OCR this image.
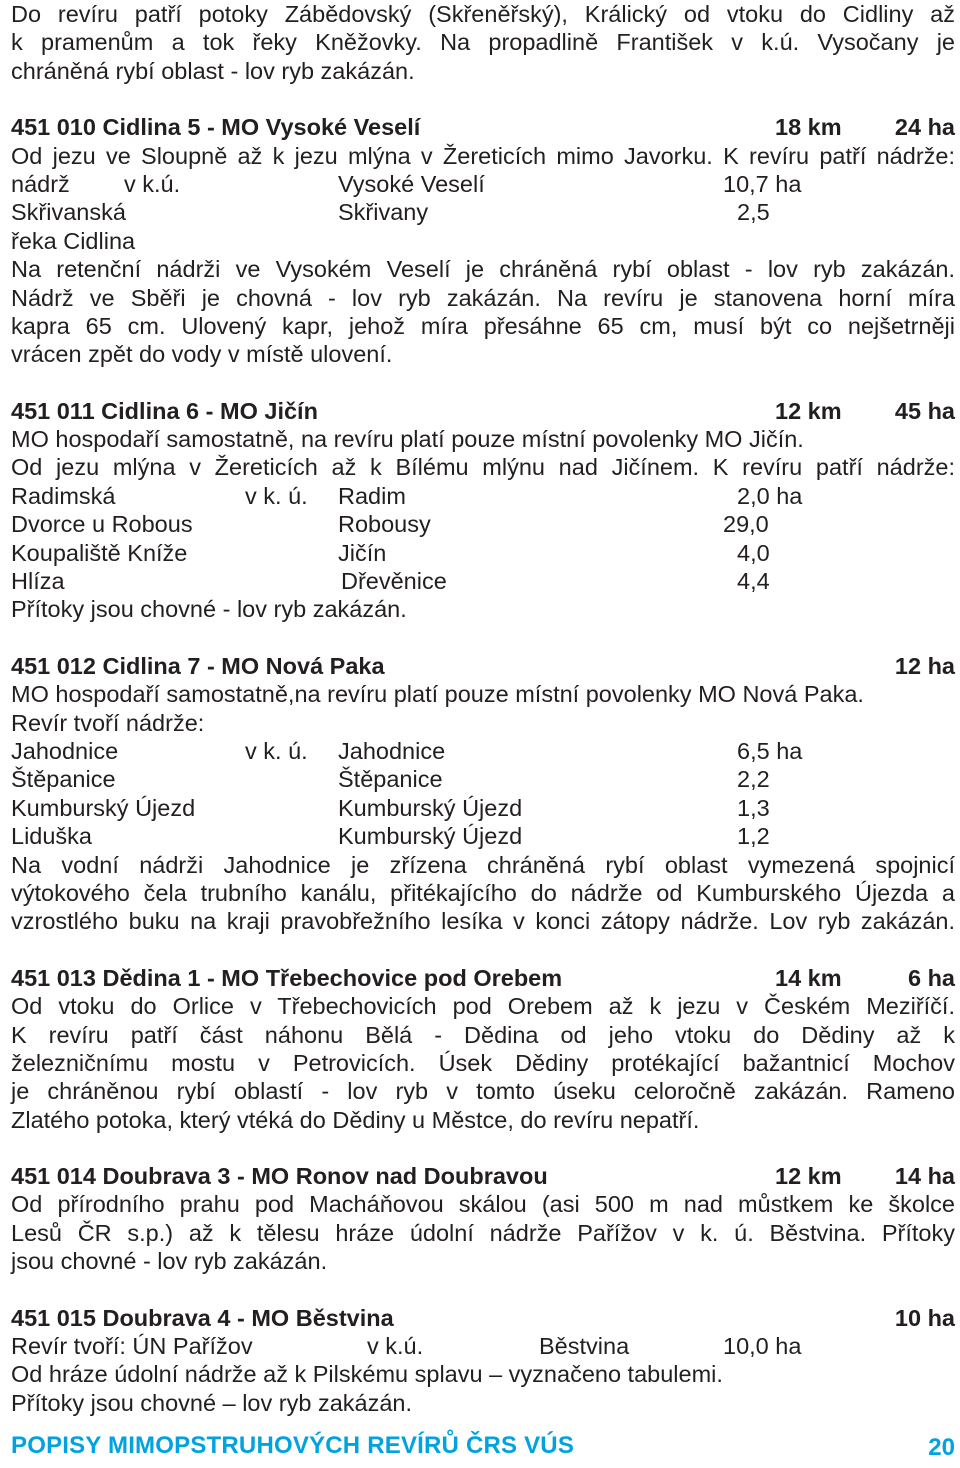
Do revíru patří potoky Zábědovský (Skřeněřský), Králický od vtoku do Cidliny až
k pramenům a tok řeky Kněžovky. Na propadlině František v k.ú. Vysočany je
chráněná rybí oblast - lov ryb zakázán.
451 010 Cidlina 5 - MO Vysoké Veselí	18 km 24 ha
Od jezu ve Sloupně až k jezu mlýna v Žereticích mimo Javorku. K revíru patří nádrže:
nádrž v k.ú.	Vysoké Veselí	10,7 ha
Skřivanská	Skřivany	2,5
řeka Cidlina
Na retenční nádrži ve Vysokém Veselí je chráněná rybí oblast - lov ryb zakázán.
Nádrž ve Sběři je chovná - lov ryb zakázán. Na revíru je stanovena horní míra
kapra 65 cm. Ulovený kapr, jehož míra přesáhne 65 cm, musí být co nejšetrněji
vrácen zpět do vody v místě ulovení.
451 011 Cidlina 6 - MO Jičín	12 km 45 ha
MO hospodaří samostatně, na revíru platí pouze místní povolenky MO Jičín.
Od jezu mlýna v Žereticích až k Bílému mlýnu nad Jičínem. K revíru patří nádrže:
Radimská	v k. ú. Radim	2,0 ha
Dvorce u Robous	Robousy	29,0
Koupaliště Kníže	Jičín	4,0
Hlíza	Dřevěnice	4,4
Přítoky jsou chovné - lov ryb zakázán.
451 012 Cidlina 7 - MO Nová Paka	12 ha
MO hospodaří samostatně,na revíru platí pouze místní povolenky MO Nová Paka.
Revír tvoří nádrže:
Jahodnice	v k. ú. Jahodnice	6,5 ha
Štěpanice	Štěpanice	2,2
Kumburský Újezd	Kumburský Újezd	1,3
Liduška	Kumburský Újezd	1,2
Na vodní nádrži Jahodnice je zřízena chráněná rybí oblast vymezená spojnicí
výtokového čela trubního kanálu, přitékajícího do nádrže od Kumburského Újezda a
vzrostlého buku na kraji pravobřežního lesíka v konci zátopy nádrže. Lov ryb zakázán.
451 013 Dědina 1 - MO Třebechovice pod Orebem	14 km	6 ha
Od vtoku do Orlice v Třebechovicích pod Orebem až k jezu v Českém Meziříčí.
K revíru patří část náhonu Bělá - Dědina od jeho vtoku do Dědiny až k
železničnímu mostu v Petrovicích. Úsek Dědiny protékající bažantnicí Mochov
je chráněnou rybí oblastí - lov ryb v tomto úseku celoročně zakázán. Rameno
Zlatého potoka, který vtéká do Dědiny u Městce, do revíru nepatří.
451 014 Doubrava 3 - MO Ronov nad Doubravou	12 km 14 ha
Od přírodního prahu pod Macháňovou skálou (asi 500 m nad můstkem ke školce
Lesů ČR s.p.) až k tělesu hráze údolní nádrže Pařížov v k. ú. Běstvina. Přítoky
jsou chovné - lov ryb zakázán.
451 015 Doubrava 4 - MO Běstvina	10 ha
Revír tvoří: ÚN Pařížov	v k.ú.	Běstvina	10,0 ha
Od hráze údolní nádrže až k Pilskému splavu – vyznačeno tabulemi.
Přítoky jsou chovné – lov ryb zakázán.
POPISY MIMOPSTRUHOVÝCH REVÍRŮ ČRS VÚS	20
